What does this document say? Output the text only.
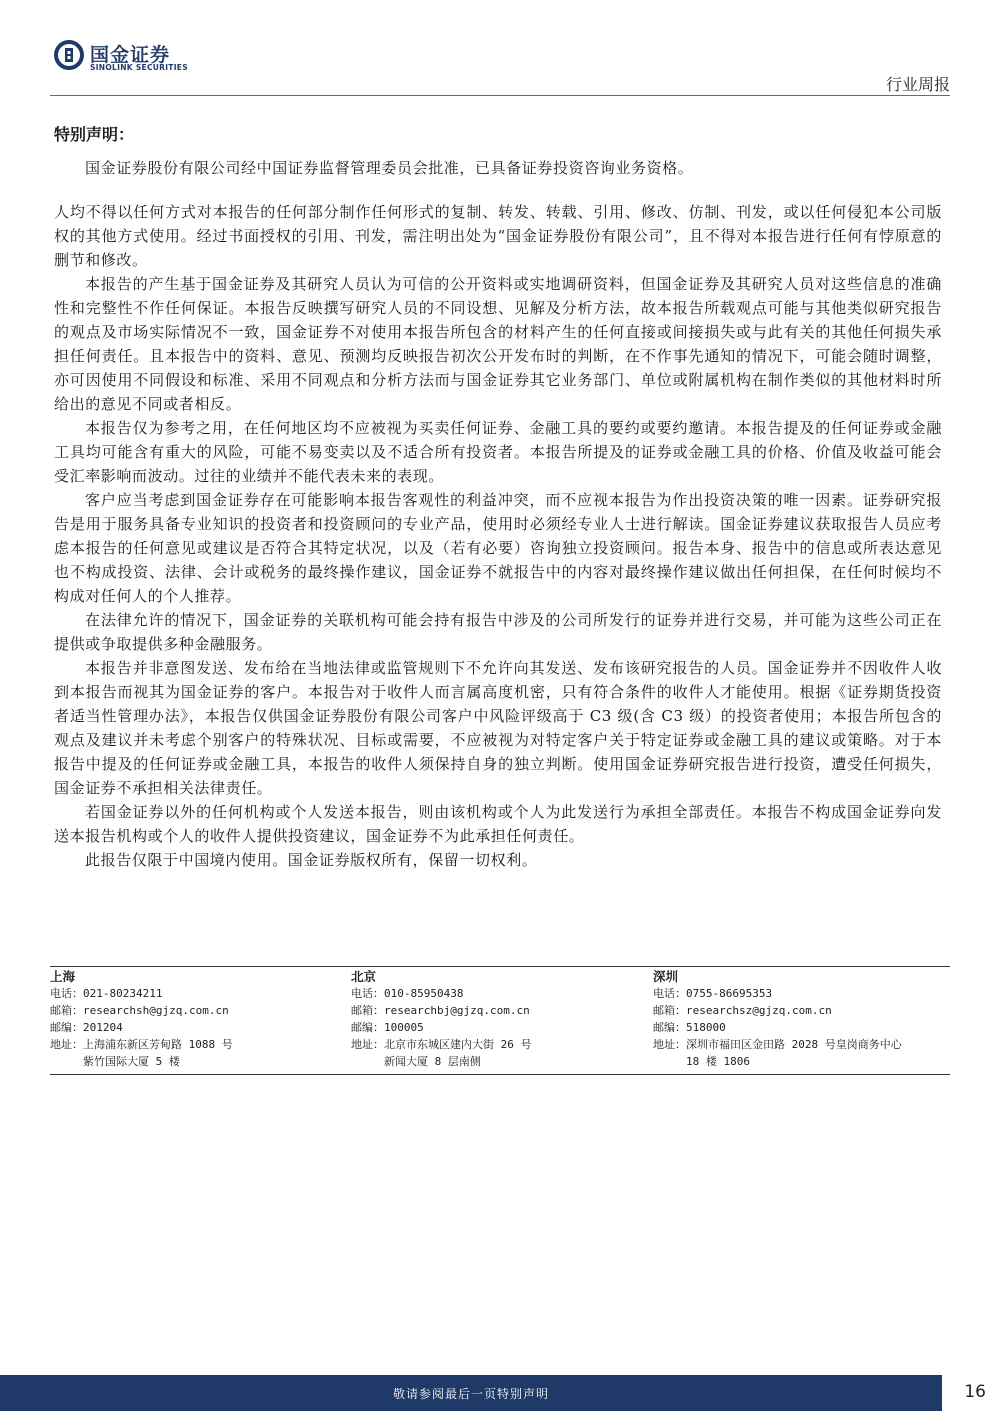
国金证券
SINOLINK SECURITIES
行业周报
特别声明：

国金证券股份有限公司经中国证券监督管理委员会批准，已具备证券投资咨询业务资格。

人均不得以任何方式对本报告的任何部分制作任何形式的复制、转发、转载、引用、修改、仿制、刊发，或以任何侵犯本公司版权的其他方式使用。经过书面授权的引用、刊发，需注明出处为“国金证券股份有限公司”，且不得对本报告进行任何有悖原意的删节和修改。

本报告的产生基于国金证券及其研究人员认为可信的公开资料或实地调研资料，但国金证券及其研究人员对这些信息的准确性和完整性不作任何保证。本报告反映撰写研究人员的不同设想、见解及分析方法，故本报告所载观点可能与其他类似研究报告的观点及市场实际情况不一致，国金证券不对使用本报告所包含的材料产生的任何直接或间接损失或与此有关的其他任何损失承担任何责任。且本报告中的资料、意见、预测均反映报告初次公开发布时的判断，在不作事先通知的情况下，可能会随时调整，亦可因使用不同假设和标准、采用不同观点和分析方法而与国金证券其它业务部门、单位或附属机构在制作类似的其他材料时所给出的意见不同或者相反。

本报告仅为参考之用，在任何地区均不应被视为买卖任何证券、金融工具的要约或要约邀请。本报告提及的任何证券或金融工具均可能含有重大的风险，可能不易变卖以及不适合所有投资者。本报告所提及的证券或金融工具的价格、价值及收益可能会受汇率影响而波动。过往的业绩并不能代表未来的表现。

客户应当考虑到国金证券存在可能影响本报告客观性的利益冲突，而不应视本报告为作出投资决策的唯一因素。证券研究报告是用于服务具备专业知识的投资者和投资顾问的专业产品，使用时必须经专业人士进行解读。国金证券建议获取报告人员应考虑本报告的任何意见或建议是否符合其特定状况，以及（若有必要）咨询独立投资顾问。报告本身、报告中的信息或所表达意见也不构成投资、法律、会计或税务的最终操作建议，国金证券不就报告中的内容对最终操作建议做出任何担保，在任何时候均不构成对任何人的个人推荐。

在法律允许的情况下，国金证券的关联机构可能会持有报告中涉及的公司所发行的证券并进行交易，并可能为这些公司正在提供或争取提供多种金融服务。

本报告并非意图发送、发布给在当地法律或监管规则下不允许向其发送、发布该研究报告的人员。国金证券并不因收件人收到本报告而视其为国金证券的客户。本报告对于收件人而言属高度机密，只有符合条件的收件人才能使用。根据《证券期货投资者适当性管理办法》，本报告仅供国金证券股份有限公司客户中风险评级高于 C3 级(含 C3 级）的投资者使用；本报告所包含的观点及建议并未考虑个别客户的特殊状况、目标或需要，不应被视为对特定客户关于特定证券或金融工具的建议或策略。对于本报告中提及的任何证券或金融工具，本报告的收件人须保持自身的独立判断。使用国金证券研究报告进行投资，遭受任何损失，国金证券不承担相关法律责任。

若国金证券以外的任何机构或个人发送本报告，则由该机构或个人为此发送行为承担全部责任。本报告不构成国金证券向发送本报告机构或个人的收件人提供投资建议，国金证券不为此承担任何责任。

此报告仅限于中国境内使用。国金证券版权所有，保留一切权利。

上海
电话：021-80234211
邮箱：researchsh@gjzq.com.cn
邮编：201204
地址： 上海浦东新区芳甸路 1088 号
紫竹国际大厦 5 楼
北京
电话：010-85950438
邮箱：researchbj@gjzq.com.cn
邮编：100005
地址： 北京市东城区建内大街 26 号
新闻大厦 8 层南侧
深圳
电话：0755-86695353
邮箱：researchsz@gjzq.com.cn
邮编：518000
地址： 深圳市福田区金田路 2028 号皇岗商务中心
18 楼 1806
敬请参阅最后一页特别声明	16
